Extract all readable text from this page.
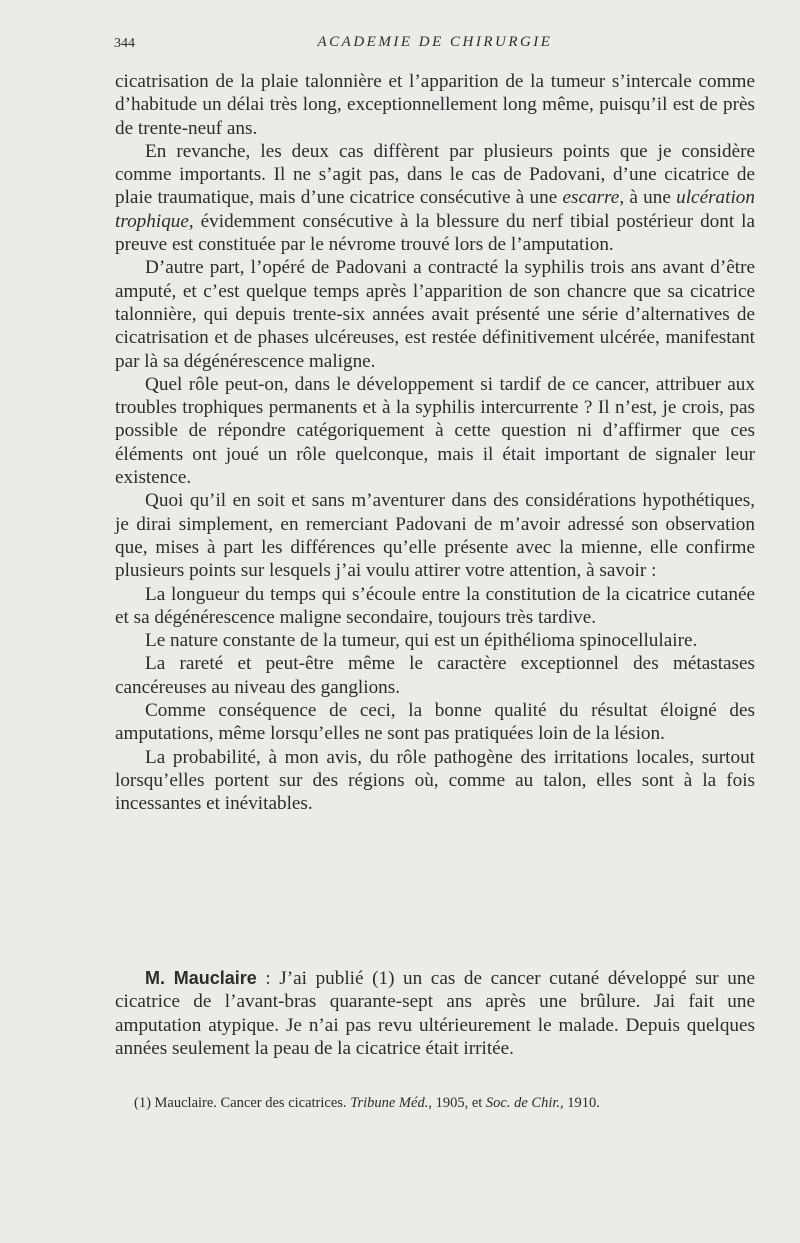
344	ACADEMIE DE CHIRURGIE

cicatrisation de la plaie talonnière et l’apparition de la tumeur s’intercale comme d’habitude un délai très long, exceptionnellement long même, puisqu’il est de près de trente-neuf ans.

En revanche, les deux cas diffèrent par plusieurs points que je considère comme importants. Il ne s’agit pas, dans le cas de Padovani, d’une cicatrice de plaie traumatique, mais d’une cicatrice consécutive à une escarre, à une ulcération trophique, évidemment consécutive à la blessure du nerf tibial postérieur dont la preuve est constituée par le névrome trouvé lors de l’amputation.

D’autre part, l’opéré de Padovani a contracté la syphilis trois ans avant d’être amputé, et c’est quelque temps après l’apparition de son chancre que sa cicatrice talonnière, qui depuis trente-six années avait présenté une série d’alternatives de cicatrisation et de phases ulcéreuses, est restée définitivement ulcérée, manifestant par là sa dégénérescence maligne.

Quel rôle peut-on, dans le développement si tardif de ce cancer, attribuer aux troubles trophiques permanents et à la syphilis intercurrente ? Il n’est, je crois, pas possible de répondre catégoriquement à cette question ni d’affirmer que ces éléments ont joué un rôle quelconque, mais il était important de signaler leur existence.

Quoi qu’il en soit et sans m’aventurer dans des considérations hypothétiques, je dirai simplement, en remerciant Padovani de m’avoir adressé son observation que, mises à part les différences qu’elle présente avec la mienne, elle confirme plusieurs points sur lesquels j’ai voulu attirer votre attention, à savoir :

La longueur du temps qui s’écoule entre la constitution de la cicatrice cutanée et sa dégénérescence maligne secondaire, toujours très tardive.

Le nature constante de la tumeur, qui est un épithélioma spinocellulaire.

La rareté et peut-être même le caractère exceptionnel des métastases cancéreuses au niveau des ganglions.

Comme conséquence de ceci, la bonne qualité du résultat éloigné des amputations, même lorsqu’elles ne sont pas pratiquées loin de la lésion.

La probabilité, à mon avis, du rôle pathogène des irritations locales, surtout lorsqu’elles portent sur des régions où, comme au talon, elles sont à la fois incessantes et inévitables.

M. Mauclaire : J’ai publié (1) un cas de cancer cutané développé sur une cicatrice de l’avant-bras quarante-sept ans après une brûlure. Jai fait une amputation atypique. Je n’ai pas revu ultérieurement le malade. Depuis quelques années seulement la peau de la cicatrice était irritée.

(1) Mauclaire. Cancer des cicatrices. Tribune Méd., 1905, et Soc. de Chir., 1910.
